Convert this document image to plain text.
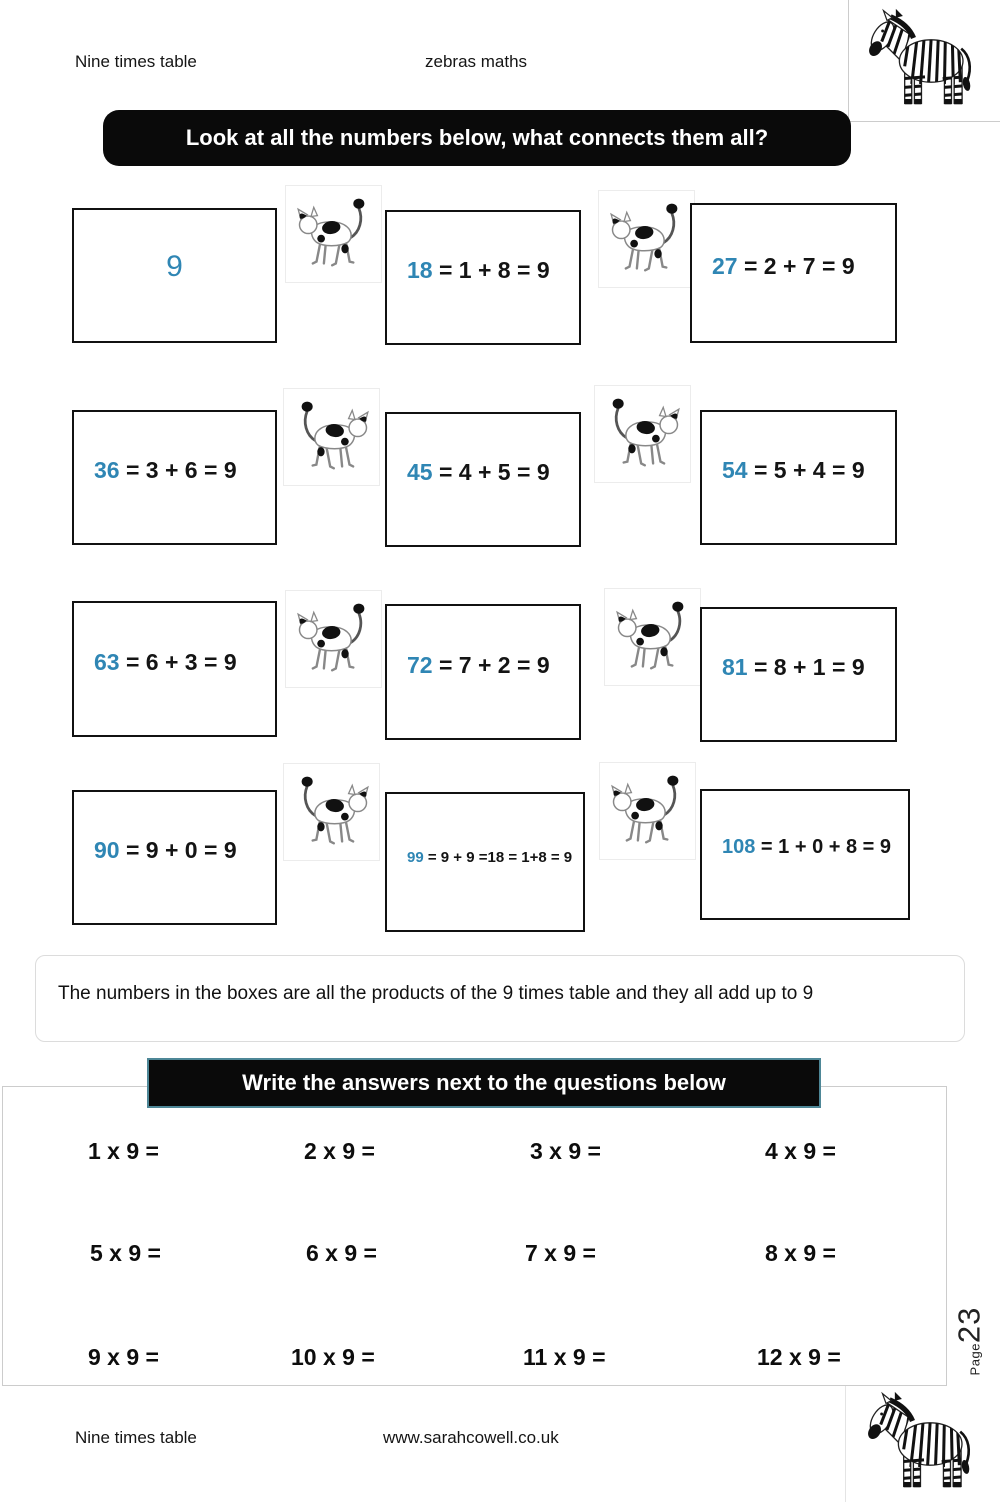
Nine times table	zebras maths
Look at all the numbers below, what connects them all?
9	18 = 1 + 8 = 9	27 = 2 + 7 = 9
36 = 3 + 6 = 9	45 = 4 + 5 = 9	54 = 5 + 4 = 9
63 = 6 + 3 = 9	72 = 7 + 2 = 9	81 = 8 + 1 = 9
90 = 9 + 0 = 9	99 = 9 + 9 =18 = 1+8 = 9	108 = 1 + 0 + 8 = 9
The numbers in the boxes are all the products of the 9 times table and they all add up to 9
Write the answers next to the questions below
1 x 9 =	2 x 9 =	3 x 9 =	4 x 9 =
5 x 9 =	6 x 9 =	7 x 9 =	8 x 9 =
9 x 9 =	10 x 9 =	11 x 9 =	12 x 9 =	Page
23
Nine times table	www.sarahcowell.co.uk
